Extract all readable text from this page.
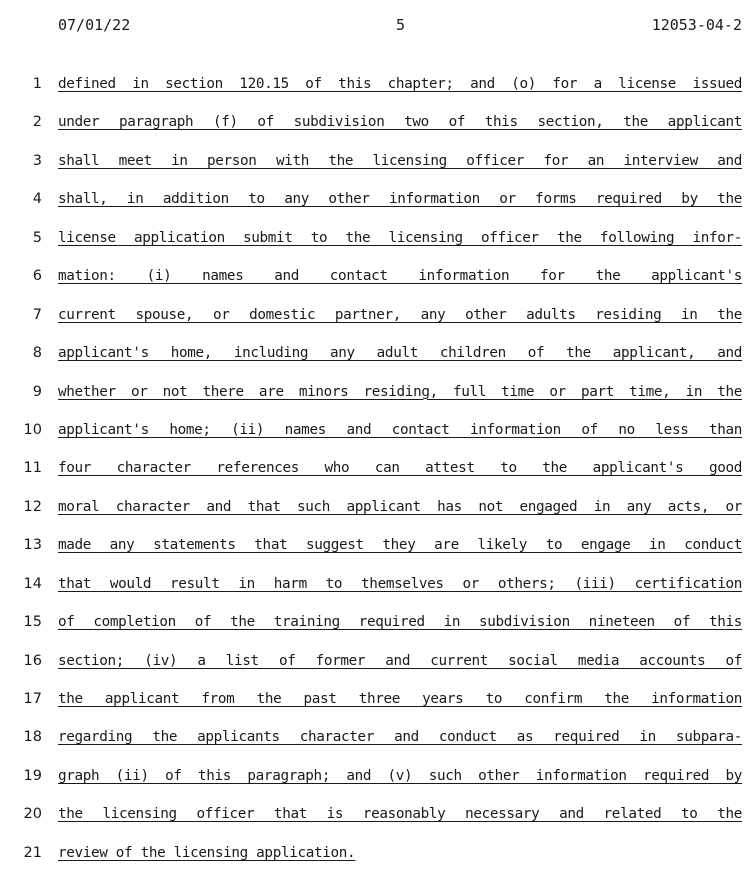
07/01/22	5	12053-04-2
1 defined in section 120.15 of this chapter; and (o) for a license issued
2 under paragraph (f) of subdivision two of this section, the applicant
3 shall meet in person with the licensing officer for an interview and
4 shall, in addition to any other information or forms required by the
5 license application submit to the licensing officer the following infor-
6 mation: (i) names and contact information for the applicant's
7 current spouse, or domestic partner, any other adults residing in the
8 applicant's home, including any adult children of the applicant, and
9 whether or not there are minors residing, full time or part time, in the
10 applicant's home; (ii) names and contact information of no less than
11 four character references who can attest to the applicant's good
12 moral character and that such applicant has not engaged in any acts, or
13 made any statements that suggest they are likely to engage in conduct
14 that would result in harm to themselves or others; (iii) certification
15 of completion of the training required in subdivision nineteen of this
16 section; (iv) a list of former and current social media accounts of
17 the applicant from the past three years to confirm the information
18 regarding the applicants character and conduct as required in subpara-
19 graph (ii) of this paragraph; and (v) such other information required by
20 the licensing officer that is reasonably necessary and related to the
21 review of the licensing application.
